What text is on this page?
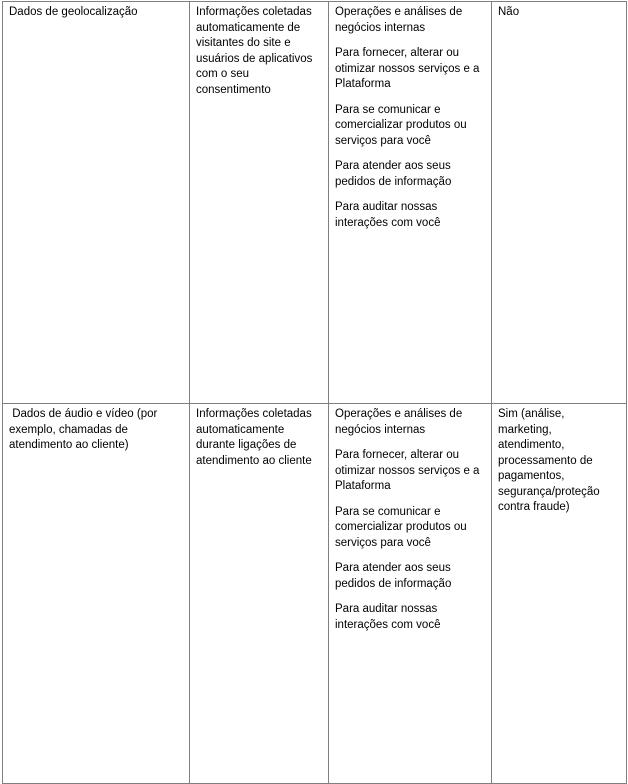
Dados de geolocalização	Informações coletadas automaticamente de visitantes do site e usuários de aplicativos com o seu consentimento	Operações e análises de negócios internas

Para fornecer, alterar ou otimizar nossos serviços e a Plataforma

Para se comunicar e comercializar produtos ou serviços para você

Para atender aos seus pedidos de informação

Para auditar nossas interações com você	Não
Dados de áudio e vídeo (por exemplo, chamadas de atendimento ao cliente)	Informações coletadas automaticamente durante ligações de atendimento ao cliente	Operações e análises de negócios internas

Para fornecer, alterar ou otimizar nossos serviços e a Plataforma

Para se comunicar e comercializar produtos ou serviços para você

Para atender aos seus pedidos de informação

Para auditar nossas interações com você	Sim (análise, marketing, atendimento, processamento de pagamentos, segurança/proteção contra fraude)
